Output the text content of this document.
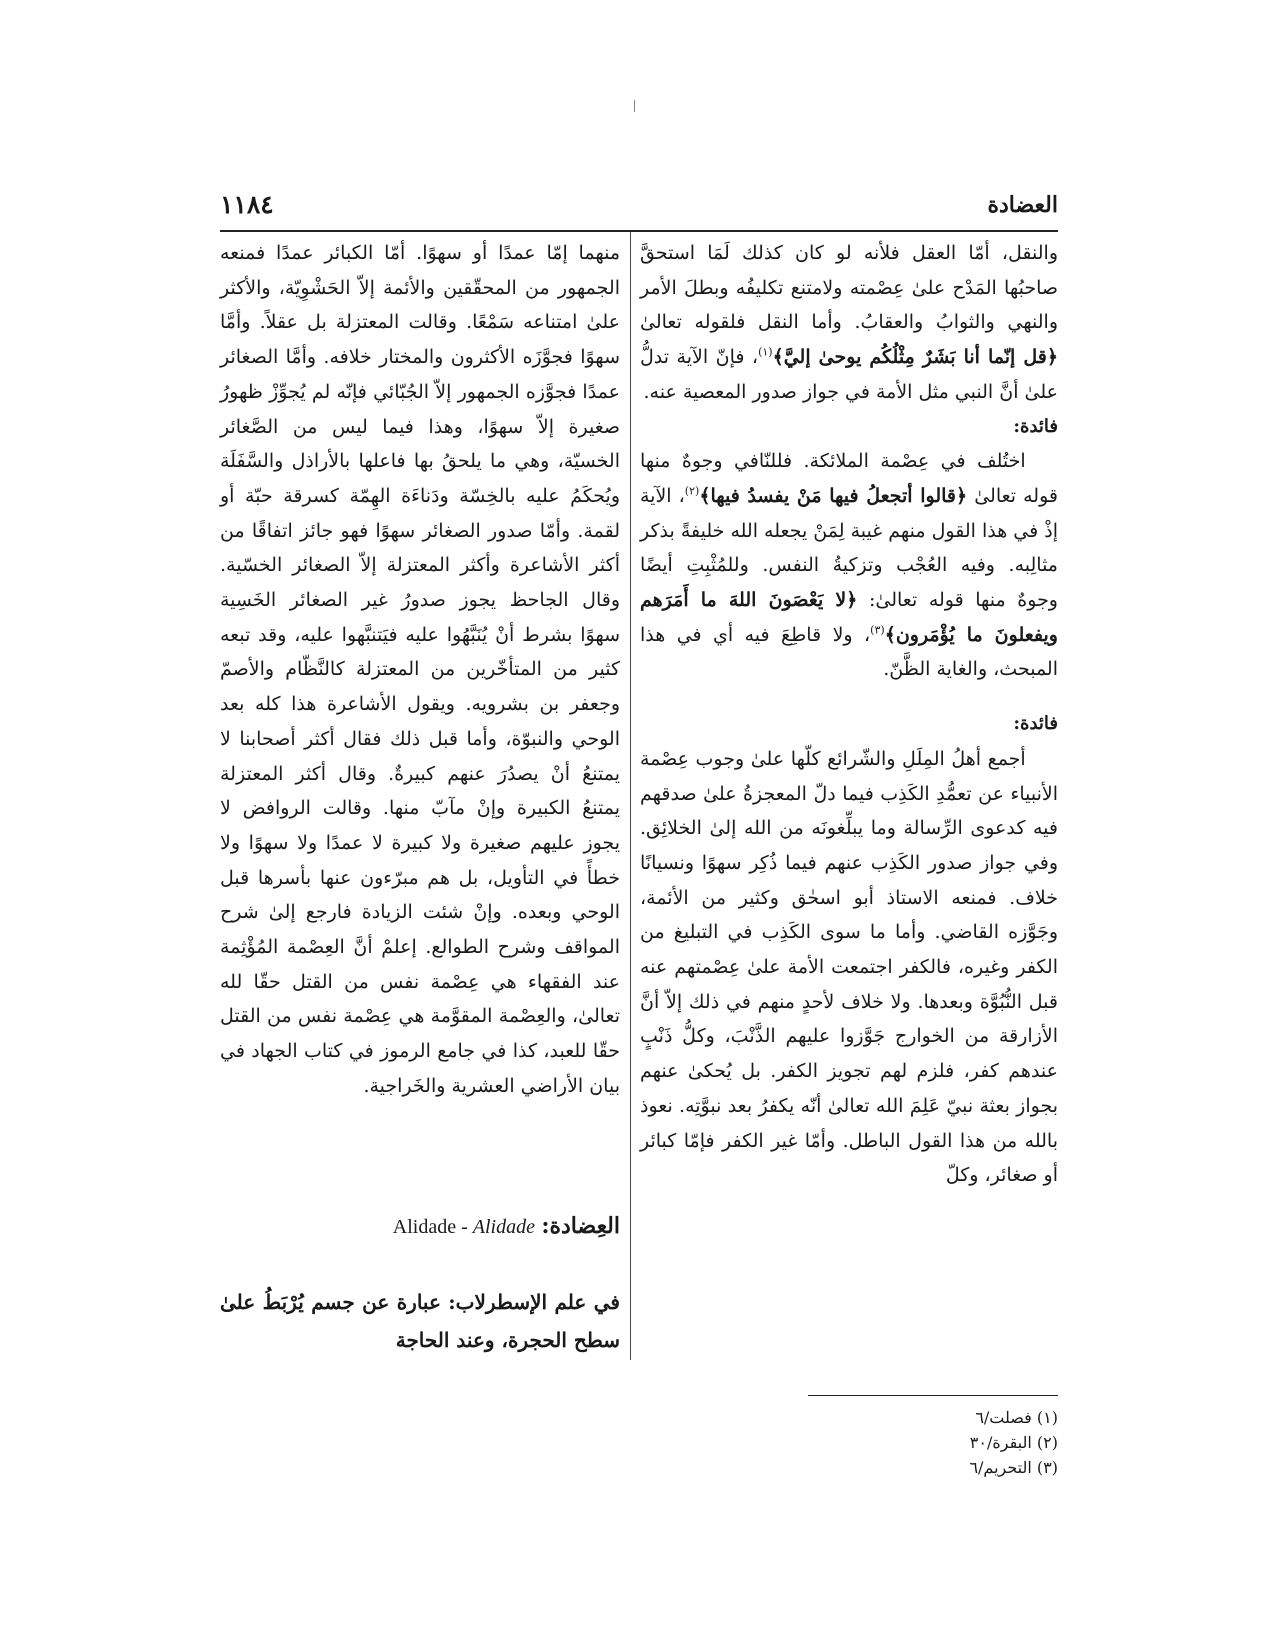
العضادة
١١٨٤

والنقل، أمّا العقل فلأنه لو كان كذلك لَمَا استحقَّ صاحبُها المَدْح علىٰ عِصْمته ولامتنع تكليفُه وبطلَ الأمر والنهي والثوابُ والعقابُ. وأما النقل فلقوله تعالىٰ ﴿قل إنّما أنا بَشَرٌ مِثْلُكُم يوحىٰ إليَّ﴾$^{(١)}$، فإنّ الآية تدلُّ علىٰ أنَّ النبي مثل الأمة في جواز صدور المعصية عنه.

فائدة:

اختُلف في عِصْمة الملائكة. فللنّافي وجوهٌ منها قوله تعالىٰ ﴿قالوا أتجعلُ فيها مَنْ يفسدُ فيها﴾$^{(٢)}$، الآية إذْ في هذا القول منهم غيبة لِمَنْ يجعله الله خليفةً بذكر مثالِبه. وفيه العُجْب وتزكيةُ النفس. وللمُثْبِتِ أيضًا وجوهٌ منها قوله تعالىٰ: ﴿لا يَعْصَونَ اللهَ ما أَمَرَهم ويفعلونَ ما يُؤْمَرون﴾$^{(٣)}$، ولا قاطِعَ فيه أي في هذا المبحث، والغاية الظَّنّ.

فائدة:

أجمع أهلُ المِلَلِ والشّرائع كلّها علىٰ وجوب عِصْمة الأنبياء عن تعمُّدِ الكَذِب فيما دلّ المعجزةُ علىٰ صدقهم فيه كدعوى الرِّسالة وما يبلِّغونَه من الله إلىٰ الخلائِق. وفي جواز صدور الكَذِب عنهم فيما ذُكِر سهوًا ونسيانًا خلاف. فمنعه الاستاذ أبو اسحٰق وكثير من الأئمة، وجَوَّزه القاضي. وأما ما سوى الكَذِب في التبليغ من الكفر وغيره، فالكفر اجتمعت الأمة علىٰ عِصْمتهم عنه قبل النُّبُوَّة وبعدها. ولا خلاف لأحدٍ منهم في ذلك إلاّ أنَّ الأزارقة من الخوارج جَوَّزوا عليهم الذَّنْبَ، وكلُّ ذَنْبٍ عندهم كفر، فلزم لهم تجويز الكفر. بل يُحكىٰ عنهم بجواز بعثة نبيّ عَلِمَ الله تعالىٰ أنّه يكفرُ بعد نبوَّتِه. نعوذ بالله من هذا القول الباطل. وأمّا غير الكفر فإمّا كبائر أو صغائر، وكلّ

منهما إمّا عمدًا أو سهوًا. أمّا الكبائر عمدًا فمنعه الجمهور من المحقّقين والأئمة إلاّ الحَشْوِيّة، والأكثر علىٰ امتناعه سَمْعًا. وقالت المعتزلة بل عقلاً. وأمَّا سهوًا فجوَّزَه الأكثرون والمختار خلافه. وأمَّا الصغائر عمدًا فجوَّزه الجمهور إلاّ الجُبّائي فإنّه لم يُجوِّزْ ظهورُ صغيرة إلاّ سهوًا، وهذا فيما ليس من الصَّغائر الخسيّة، وهي ما يلحقُ بها فاعلها بالأراذل والسَّفَلَة ويُحكَمُ عليه بالخِسّة ودَناءَة الهِمّة كسرقة حبّة أو لقمة. وأمّا صدور الصغائر سهوًا فهو جائز اتفاقًا من أكثر الأشاعرة وأكثر المعتزلة إلاّ الصغائر الخسّية. وقال الجاحظ يجوز صدورُ غير الصغائر الخَسِية سهوًا بشرط أنْ يُنَبَّهُوا عليه فيَتنبَّهوا عليه، وقد تبعه كثير من المتأخّرين من المعتزلة كالنَّظّام والأصمّ وجعفر بن بشرويه. ويقول الأشاعرة هذا كله بعد الوحي والنبوّة، وأما قبل ذلك فقال أكثر أصحابنا لا يمتنعُ أنْ يصدُرَ عنهم كبيرةٌ. وقال أكثر المعتزلة يمتنعُ الكبيرة وإنْ مآبّ منها. وقالت الروافض لا يجوز عليهم صغيرة ولا كبيرة لا عمدًا ولا سهوًا ولا خطأً في التأويل، بل هم مبرّءون عنها بأسرها قبل الوحي وبعده. وإنْ شئت الزيادة فارجع إلىٰ شرح المواقف وشرح الطوالع. إعلمْ أنَّ العِصْمة المُؤْثِمة عند الفقهاء هي عِصْمة نفس من القتل حقّا لله تعالىٰ، والعِصْمة المقوَّمة هي عِصْمة نفس من القتل حقّا للعبد، كذا في جامع الرموز في كتاب الجهاد في بيان الأراضي العشرية والخَراجية.

العِضادة: Alidade - Alidade
في علم الإسطرلاب: عبارة عن جسم يُرْبَطُ علىٰ سطح الحجرة، وعند الحاجة
(١) فصلت/٦
(٢) البقرة/٣٠
(٣) التحريم/٦
